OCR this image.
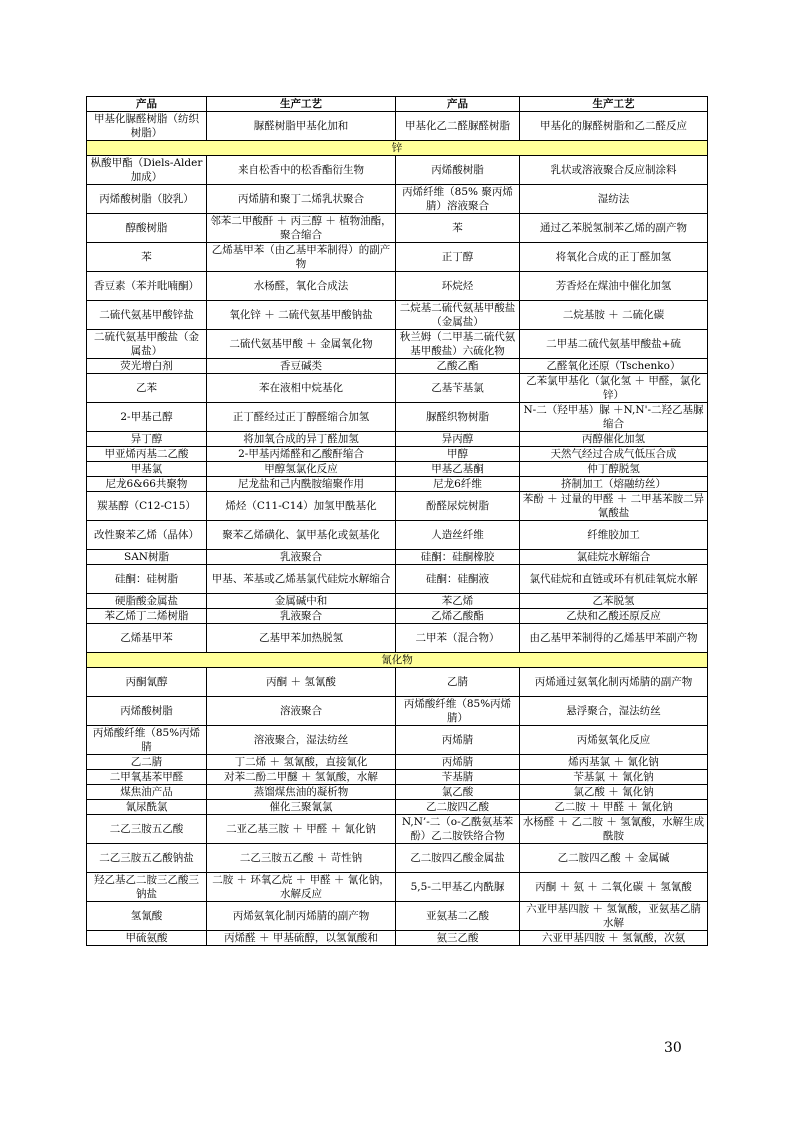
产品	生产工艺	产品	生产工艺
甲基化脲醛树脂（纺织树脂）	脲醛树脂甲基化加和	甲基化乙二醛脲醛树脂	甲基化的脲醛树脂和乙二醛反应
锌			
枞酸甲酯（Diels-Alder加成）	来自松香中的松香酯衍生物	丙烯酸树脂	乳状或溶液聚合反应制涂料
丙烯酸树脂（胶乳）	丙烯腈和聚丁二烯乳状聚合	丙烯纤维（85% 聚丙烯腈）溶液聚合	湿纺法
醇酸树脂	邻苯二甲酸酐 ＋ 丙三醇 ＋ 植物油酯，聚合缩合	苯	通过乙苯脱氢制苯乙烯的副产物
苯	乙烯基甲苯（由乙基甲苯制得）的副产物	正丁醇	将氧化合成的正丁醛加氢
香豆素（苯并吡喃酮）	水杨醛，氧化合成法	环烷烃	芳香烃在煤油中催化加氢
二硫代氨基甲酸锌盐	氧化锌 ＋ 二硫代氨基甲酸钠盐	二烷基二硫代氨基甲酸盐（金属盐）	二烷基胺 ＋ 二硫化碳
二硫代氨基甲酸盐（金属盐）	二硫代氨基甲酸 ＋ 金属氧化物	秋兰姆（二甲基二硫代氨基甲酸盐）六硫化物	二甲基二硫代氨基甲酸盐+硫
荧光增白剂	香豆碱类	乙酸乙酯	乙醛氧化还原（Tschenko）
乙苯	苯在液相中烷基化	乙基苄基氯	乙苯氯甲基化（氯化氢 ＋ 甲醛，氯化锌）
2-甲基己醇	正丁醛经过正丁醇醛缩合加氢	脲醛织物树脂	N-二（羟甲基）脲 ＋N,N'-二羟乙基脲缩合
异丁醇	将加氧合成的异丁醛加氢	异丙醇	丙醇催化加氢
甲亚烯丙基二乙酸	2-甲基丙烯醛和乙酸酐缩合	甲醇	天然气经过合成气低压合成
甲基氯	甲醇氢氯化反应	甲基乙基酮	仲丁醇脱氢
尼龙6&66共聚物	尼龙盐和己内酰胺缩聚作用	尼龙6纤维	挤制加工（熔融纺丝）
羰基醇（C12-C15）	烯烃（C11-C14）加氢甲酰基化	酚醛尿烷树脂	苯酚 ＋ 过量的甲醛 ＋ 二甲基苯胺二异氰酸盐
改性聚苯乙烯（晶体）	聚苯乙烯磺化、氯甲基化或氨基化	人造丝纤维	纤维胶加工
SAN树脂	乳液聚合	硅酮：硅酮橡胶	氯硅烷水解缩合
硅酮：硅树脂	甲基、苯基或乙烯基氯代硅烷水解缩合	硅酮：硅酮液	氯代硅烷和直链或环有机硅氧烷水解
硬脂酸金属盐	金属碱中和	苯乙烯	乙苯脱氢
苯乙烯丁二烯树脂	乳液聚合	乙烯乙酸酯	乙炔和乙酸还原反应
乙烯基甲苯	乙基甲苯加热脱氢	二甲苯（混合物）	由乙基甲苯制得的乙烯基甲苯副产物
氰化物			
丙酮氰醇	丙酮 ＋ 氢氰酸	乙腈	丙烯通过氨氧化制丙烯腈的副产物
丙烯酸树脂	溶液聚合	丙烯酸纤维（85%丙烯腈）	悬浮聚合，湿法纺丝
丙烯酸纤维（85%丙烯腈	溶液聚合，湿法纺丝	丙烯腈	丙烯氨氧化反应
乙二腈	丁二烯 ＋ 氢氰酸，直接氰化	丙烯腈	烯丙基氯 ＋ 氰化钠
二甲氧基苯甲醛	对苯二酚二甲醚 ＋ 氢氰酸，水解	苄基腈	苄基氯 ＋ 氰化钠
煤焦油产品	蒸馏煤焦油的凝析物	氯乙酸	氯乙酸 ＋ 氰化钠
氰尿酰氯	催化三聚氰氯	乙二胺四乙酸	乙二胺 ＋ 甲醛 ＋ 氰化钠
二乙三胺五乙酸	二亚乙基三胺 ＋ 甲醛 ＋ 氰化钠	N,N’-二（o-乙酰氨基苯酚）乙二胺铁络合物	水杨醛 ＋ 乙二胺 ＋ 氢氰酸，水解生成酰胺
二乙三胺五乙酸钠盐	二乙三胺五乙酸 ＋ 苛性钠	乙二胺四乙酸金属盐	乙二胺四乙酸 ＋ 金属碱
羟乙基乙二胺三乙酸三钠盐	二胺 ＋ 环氧乙烷 ＋ 甲醛 ＋ 氰化钠，水解反应	5,5-二甲基乙内酰脲	丙酮 ＋ 氨 ＋ 二氧化碳 ＋ 氢氰酸
氢氰酸	丙烯氨氧化制丙烯腈的副产物	亚氨基二乙酸	六亚甲基四胺 ＋ 氢氰酸，亚氨基乙腈水解
甲硫氨酸	丙烯醛 ＋ 甲基硫醇，以氢氰酸和	氨三乙酸	六亚甲基四胺 ＋ 氢氰酸，次氨
30
